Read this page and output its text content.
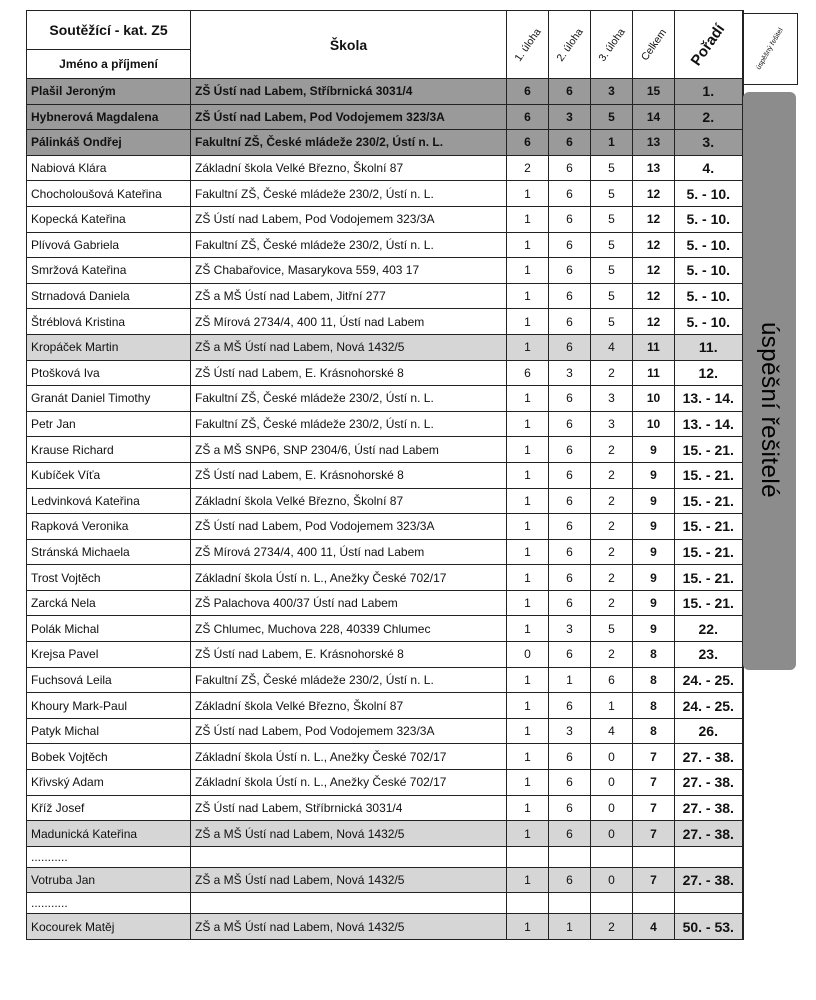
Soutěžící - kat. Z5	Škola	1. úloha	2. úloha	3. úloha	Celkem	Pořadí

Jméno a příjmení						
Plašil Jeroným	ZŠ Ústí nad Labem, Stříbrnická 3031/4	6	6	3	15	1.
Hybnerová Magdalena	ZŠ Ústí nad Labem, Pod Vodojemem 323/3A	6	3	5	14	2.
Pálinkáš Ondřej	Fakultní ZŠ, České mládeže 230/2, Ústí n. L.	6	6	1	13	3.
Nabiová Klára	Základní škola Velké Březno, Školní 87	2	6	5	13	4.
Chocholoušová Kateřina	Fakultní ZŠ, České mládeže 230/2, Ústí n. L.	1	6	5	12	5. - 10.
Kopecká Kateřina	ZŠ Ústí nad Labem, Pod Vodojemem 323/3A	1	6	5	12	5. - 10.
Plívová Gabriela	Fakultní ZŠ, České mládeže 230/2, Ústí n. L.	1	6	5	12	5. - 10.
Smržová Kateřina	ZŠ Chabařovice, Masarykova 559, 403 17	1	6	5	12	5. - 10.
Strnadová Daniela	ZŠ a MŠ Ústí nad Labem, Jitřní 277	1	6	5	12	5. - 10.
Štréblová Kristina	ZŠ Mírová 2734/4, 400 11, Ústí nad Labem	1	6	5	12	5. - 10.
Kropáček Martin	ZŠ a MŠ Ústí nad Labem, Nová 1432/5	1	6	4	11	11.
Ptošková Iva	ZŠ Ústí nad Labem, E. Krásnohorské 8	6	3	2	11	12.
Granát Daniel Timothy	Fakultní ZŠ, České mládeže 230/2, Ústí n. L.	1	6	3	10	13. - 14.
Petr Jan	Fakultní ZŠ, České mládeže 230/2, Ústí n. L.	1	6	3	10	13. - 14.
Krause Richard	ZŠ a MŠ SNP6, SNP 2304/6, Ústí nad Labem	1	6	2	9	15. - 21.
Kubíček Víťa	ZŠ Ústí nad Labem, E. Krásnohorské 8	1	6	2	9	15. - 21.
Ledvinková Kateřina	Základní škola Velké Březno, Školní 87	1	6	2	9	15. - 21.
Rapková Veronika	ZŠ Ústí nad Labem, Pod Vodojemem 323/3A	1	6	2	9	15. - 21.
Stránská Michaela	ZŠ Mírová 2734/4, 400 11, Ústí nad Labem	1	6	2	9	15. - 21.
Trost Vojtěch	Základní škola Ústí n. L., Anežky České 702/17	1	6	2	9	15. - 21.
Zarcká Nela	ZŠ Palachova 400/37 Ústí nad Labem	1	6	2	9	15. - 21.
Polák Michal	ZŠ Chlumec, Muchova 228, 40339 Chlumec	1	3	5	9	22.
Krejsa Pavel	ZŠ Ústí nad Labem, E. Krásnohorské 8	0	6	2	8	23.
Fuchsová Leila	Fakultní ZŠ, České mládeže 230/2, Ústí n. L.	1	1	6	8	24. - 25.
Khoury Mark-Paul	Základní škola Velké Březno, Školní 87	1	6	1	8	24. - 25.
Patyk Michal	ZŠ Ústí nad Labem, Pod Vodojemem 323/3A	1	3	4	8	26.
Bobek Vojtěch	Základní škola Ústí n. L., Anežky České 702/17	1	6	0	7	27. - 38.
Křivský Adam	Základní škola Ústí n. L., Anežky České 702/17	1	6	0	7	27. - 38.
Kříž Josef	ZŠ Ústí nad Labem, Stříbrnická 3031/4	1	6	0	7	27. - 38.
Madunická Kateřina	ZŠ a MŠ Ústí nad Labem, Nová 1432/5	1	6	0	7	27. - 38.
...........						
Votruba Jan	ZŠ a MŠ Ústí nad Labem, Nová 1432/5	1	6	0	7	27. - 38.
...........						
Kocourek Matěj	ZŠ a MŠ Ústí nad Labem, Nová 1432/5	1	1	2	4	50. - 53.
úspěšný řešitel
úspěšní řešitelé
